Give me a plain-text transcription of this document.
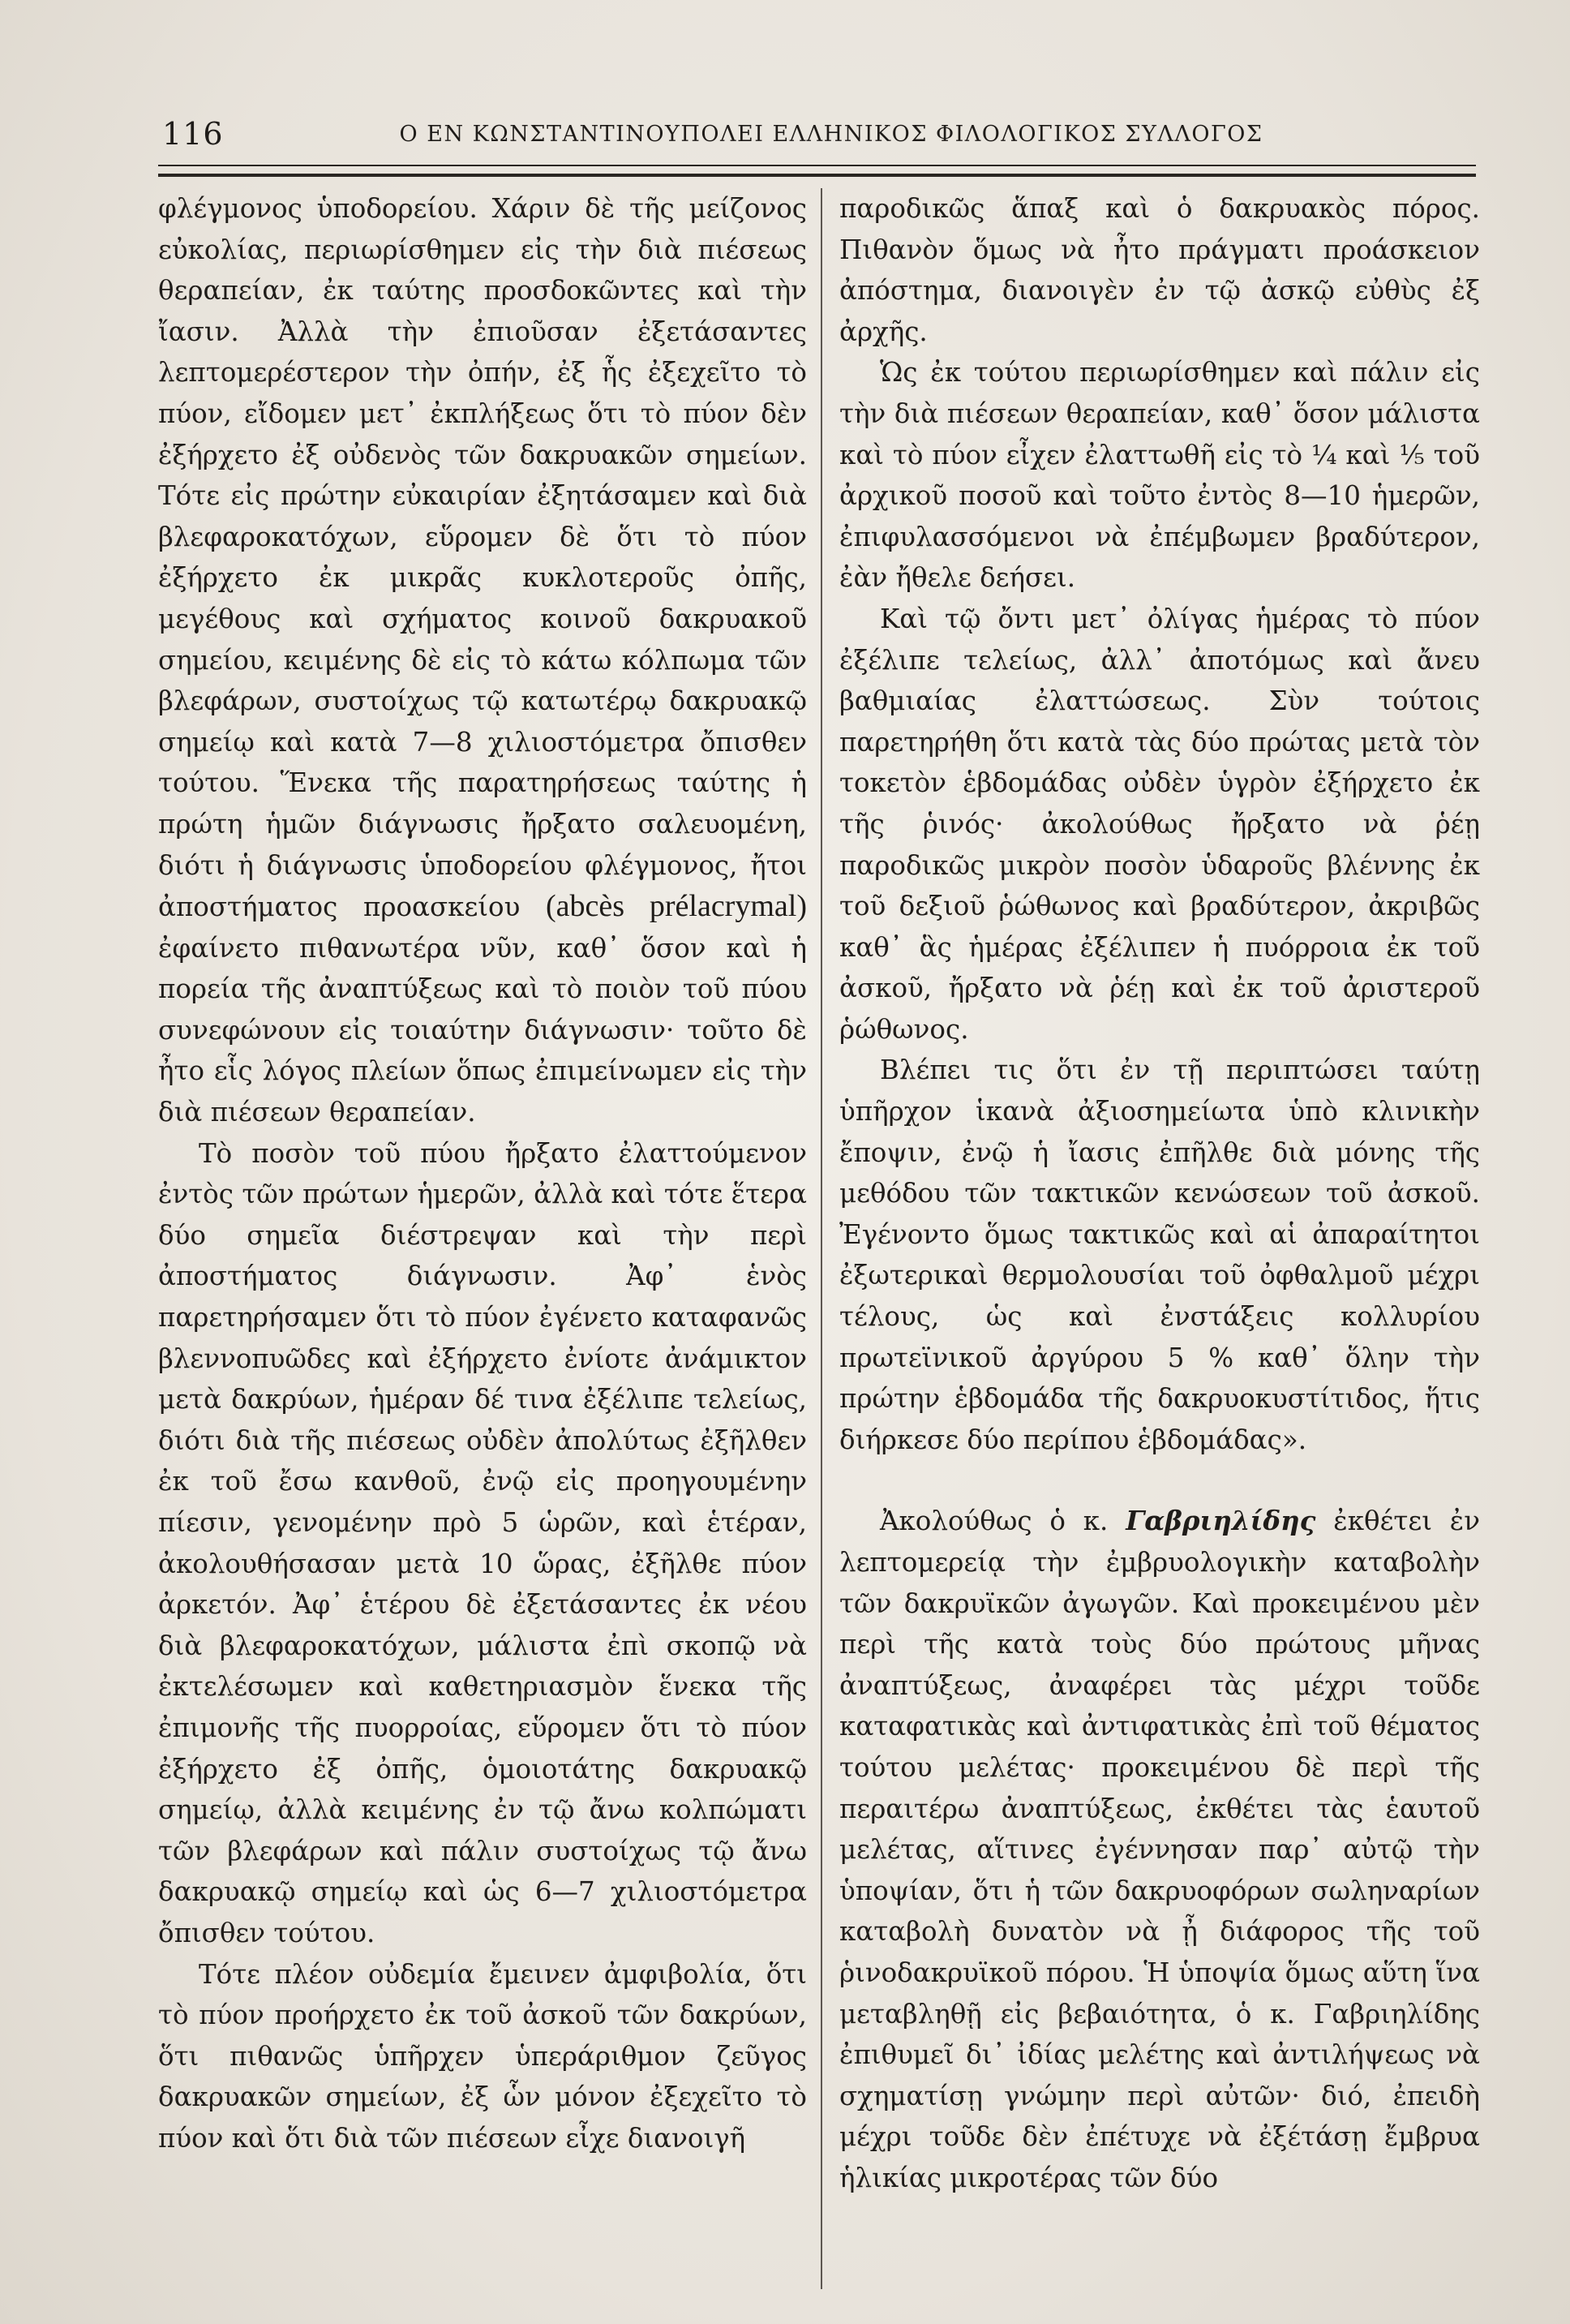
116	Ο ΕΝ ΚΩΝΣΤΑΝΤΙΝΟΥΠΟΛΕΙ ΕΛΛΗΝΙΚΟΣ ΦΙΛΟΛΟΓΙΚΟΣ ΣΥΛΛΟΓΟΣ

φλέγμονος ὑποδορείου. Χάριν δὲ τῆς μείζονος εὐκολίας, περιωρίσθημεν εἰς τὴν διὰ πιέσεως θεραπείαν, ἐκ ταύτης προσδοκῶντες καὶ τὴν ἴασιν. Ἀλλὰ τὴν ἐπιοῦσαν ἐξετάσαντες λεπτομερέστερον τὴν ὀπήν, ἐξ ἧς ἐξεχεῖτο τὸ πύον, εἴδομεν μετ᾽ ἐκπλήξεως ὅτι τὸ πύον δὲν ἐξήρχετο ἐξ οὐδενὸς τῶν δακρυακῶν σημείων. Τότε εἰς πρώτην εὐκαιρίαν ἐξητάσαμεν καὶ διὰ βλεφαροκατόχων, εὕρομεν δὲ ὅτι τὸ πύον ἐξήρχετο ἐκ μικρᾶς κυκλοτεροῦς ὀπῆς, μεγέθους καὶ σχήματος κοινοῦ δακρυακοῦ σημείου, κειμένης δὲ εἰς τὸ κάτω κόλπωμα τῶν βλεφάρων, συστοίχως τῷ κατωτέρῳ δακρυακῷ σημείῳ καὶ κατὰ 7—8 χιλιοστόμετρα ὄπισθεν τούτου. Ἕνεκα τῆς παρατηρήσεως ταύτης ἡ πρώτη ἡμῶν διάγνωσις ἤρξατο σαλευομένη, διότι ἡ διάγνωσις ὑποδορείου φλέγμονος, ἤτοι ἀποστήματος προασκείου (abcès prélacrymal) ἐφαίνετο πιθανωτέρα νῦν, καθ᾽ ὅσον καὶ ἡ πορεία τῆς ἀναπτύξεως καὶ τὸ ποιὸν τοῦ πύου συνεφώνουν εἰς τοιαύτην διάγνωσιν· τοῦτο δὲ ἦτο εἷς λόγος πλείων ὅπως ἐπιμείνωμεν εἰς τὴν διὰ πιέσεων θεραπείαν.

Τὸ ποσὸν τοῦ πύου ἤρξατο ἐλαττούμενον ἐντὸς τῶν πρώτων ἡμερῶν, ἀλλὰ καὶ τότε ἕτερα δύο σημεῖα διέστρεψαν καὶ τὴν περὶ ἀποστήματος διάγνωσιν. Ἀφ᾽ ἑνὸς παρετηρήσαμεν ὅτι τὸ πύον ἐγένετο καταφανῶς βλεννοπυῶδες καὶ ἐξήρχετο ἐνίοτε ἀνάμικτον μετὰ δακρύων, ἡμέραν δέ τινα ἐξέλιπε τελείως, διότι διὰ τῆς πιέσεως οὐδὲν ἀπολύτως ἐξῆλθεν ἐκ τοῦ ἔσω κανθοῦ, ἐνῷ εἰς προηγουμένην πίεσιν, γενομένην πρὸ 5 ὡρῶν, καὶ ἑτέραν, ἀκολουθήσασαν μετὰ 10 ὥρας, ἐξῆλθε πύον ἀρκετόν. Ἀφ᾽ ἑτέρου δὲ ἐξετάσαντες ἐκ νέου διὰ βλεφαροκατόχων, μάλιστα ἐπὶ σκοπῷ νὰ ἐκτελέσωμεν καὶ καθετηριασμὸν ἕνεκα τῆς ἐπιμονῆς τῆς πυορροίας, εὕρομεν ὅτι τὸ πύον ἐξήρχετο ἐξ ὀπῆς, ὁμοιοτάτης δακρυακῷ σημείῳ, ἀλλὰ κειμένης ἐν τῷ ἄνω κολπώματι τῶν βλεφάρων καὶ πάλιν συστοίχως τῷ ἄνω δακρυακῷ σημείῳ καὶ ὡς 6—7 χιλιοστόμετρα ὄπισθεν τούτου.

Τότε πλέον οὐδεμία ἔμεινεν ἀμφιβολία, ὅτι τὸ πύον προήρχετο ἐκ τοῦ ἀσκοῦ τῶν δακρύων, ὅτι πιθανῶς ὑπῆρχεν ὑπεράριθμον ζεῦγος δακρυακῶν σημείων, ἐξ ὧν μόνον ἐξεχεῖτο τὸ πύον καὶ ὅτι διὰ τῶν πιέσεων εἶχε διανοιγῆ

παροδικῶς ἅπαξ καὶ ὁ δακρυακὸς πόρος. Πιθανὸν ὅμως νὰ ἦτο πράγματι προάσκειον ἀπόστημα, διανοιγὲν ἐν τῷ ἀσκῷ εὐθὺς ἐξ ἀρχῆς.

Ὡς ἐκ τούτου περιωρίσθημεν καὶ πάλιν εἰς τὴν διὰ πιέσεων θεραπείαν, καθ᾽ ὅσον μάλιστα καὶ τὸ πύον εἶχεν ἐλαττωθῆ εἰς τὸ ¼ καὶ ⅕ τοῦ ἀρχικοῦ ποσοῦ καὶ τοῦτο ἐντὸς 8—10 ἡμερῶν, ἐπιφυλασσόμενοι νὰ ἐπέμβωμεν βραδύτερον, ἐὰν ἤθελε δεήσει.

Καὶ τῷ ὄντι μετ᾽ ὀλίγας ἡμέρας τὸ πύον ἐξέλιπε τελείως, ἀλλ᾽ ἀποτόμως καὶ ἄνευ βαθμιαίας ἐλαττώσεως. Σὺν τούτοις παρετηρήθη ὅτι κατὰ τὰς δύο πρώτας μετὰ τὸν τοκετὸν ἑβδομάδας οὐδὲν ὑγρὸν ἐξήρχετο ἐκ τῆς ῥινός· ἀκολούθως ἤρξατο νὰ ῥέῃ παροδικῶς μικρὸν ποσὸν ὑδαροῦς βλέννης ἐκ τοῦ δεξιοῦ ῥώθωνος καὶ βραδύτερον, ἀκριβῶς καθ᾽ ἃς ἡμέρας ἐξέλιπεν ἡ πυόρροια ἐκ τοῦ ἀσκοῦ, ἤρξατο νὰ ῥέῃ καὶ ἐκ τοῦ ἀριστεροῦ ῥώθωνος.

Βλέπει τις ὅτι ἐν τῇ περιπτώσει ταύτῃ ὑπῆρχον ἱκανὰ ἀξιοσημείωτα ὑπὸ κλινικὴν ἔποψιν, ἐνῷ ἡ ἴασις ἐπῆλθε διὰ μόνης τῆς μεθόδου τῶν τακτικῶν κενώσεων τοῦ ἀσκοῦ. Ἐγένοντο ὅμως τακτικῶς καὶ αἱ ἀπαραίτητοι ἐξωτερικαὶ θερμολουσίαι τοῦ ὀφθαλμοῦ μέχρι τέλους, ὡς καὶ ἐνστάξεις κολλυρίου πρωτεϊνικοῦ ἀργύρου 5 % καθ᾽ ὅλην τὴν πρώτην ἑβδομάδα τῆς δακρυοκυστίτιδος, ἥτις διήρκεσε δύο περίπου ἑβδομάδας».

Ἀκολούθως ὁ κ. Γαβριηλίδης ἐκθέτει ἐν λεπτομερείᾳ τὴν ἐμβρυολογικὴν καταβολὴν τῶν δακρυϊκῶν ἀγωγῶν. Καὶ προκειμένου μὲν περὶ τῆς κατὰ τοὺς δύο πρώτους μῆνας ἀναπτύξεως, ἀναφέρει τὰς μέχρι τοῦδε καταφατικὰς καὶ ἀντιφατικὰς ἐπὶ τοῦ θέματος τούτου μελέτας· προκειμένου δὲ περὶ τῆς περαιτέρω ἀναπτύξεως, ἐκθέτει τὰς ἑαυτοῦ μελέτας, αἵτινες ἐγέννησαν παρ᾽ αὐτῷ τὴν ὑποψίαν, ὅτι ἡ τῶν δακρυοφόρων σωληναρίων καταβολὴ δυνατὸν νὰ ᾖ διάφορος τῆς τοῦ ῥινοδακρυϊκοῦ πόρου. Ἡ ὑποψία ὅμως αὕτη ἵνα μεταβληθῇ εἰς βεβαιότητα, ὁ κ. Γαβριηλίδης ἐπιθυμεῖ δι᾽ ἰδίας μελέτης καὶ ἀντιλήψεως νὰ σχηματίσῃ γνώμην περὶ αὐτῶν· διό, ἐπειδὴ μέχρι τοῦδε δὲν ἐπέτυχε νὰ ἐξέτάσῃ ἔμβρυα ἡλικίας μικροτέρας τῶν δύο
